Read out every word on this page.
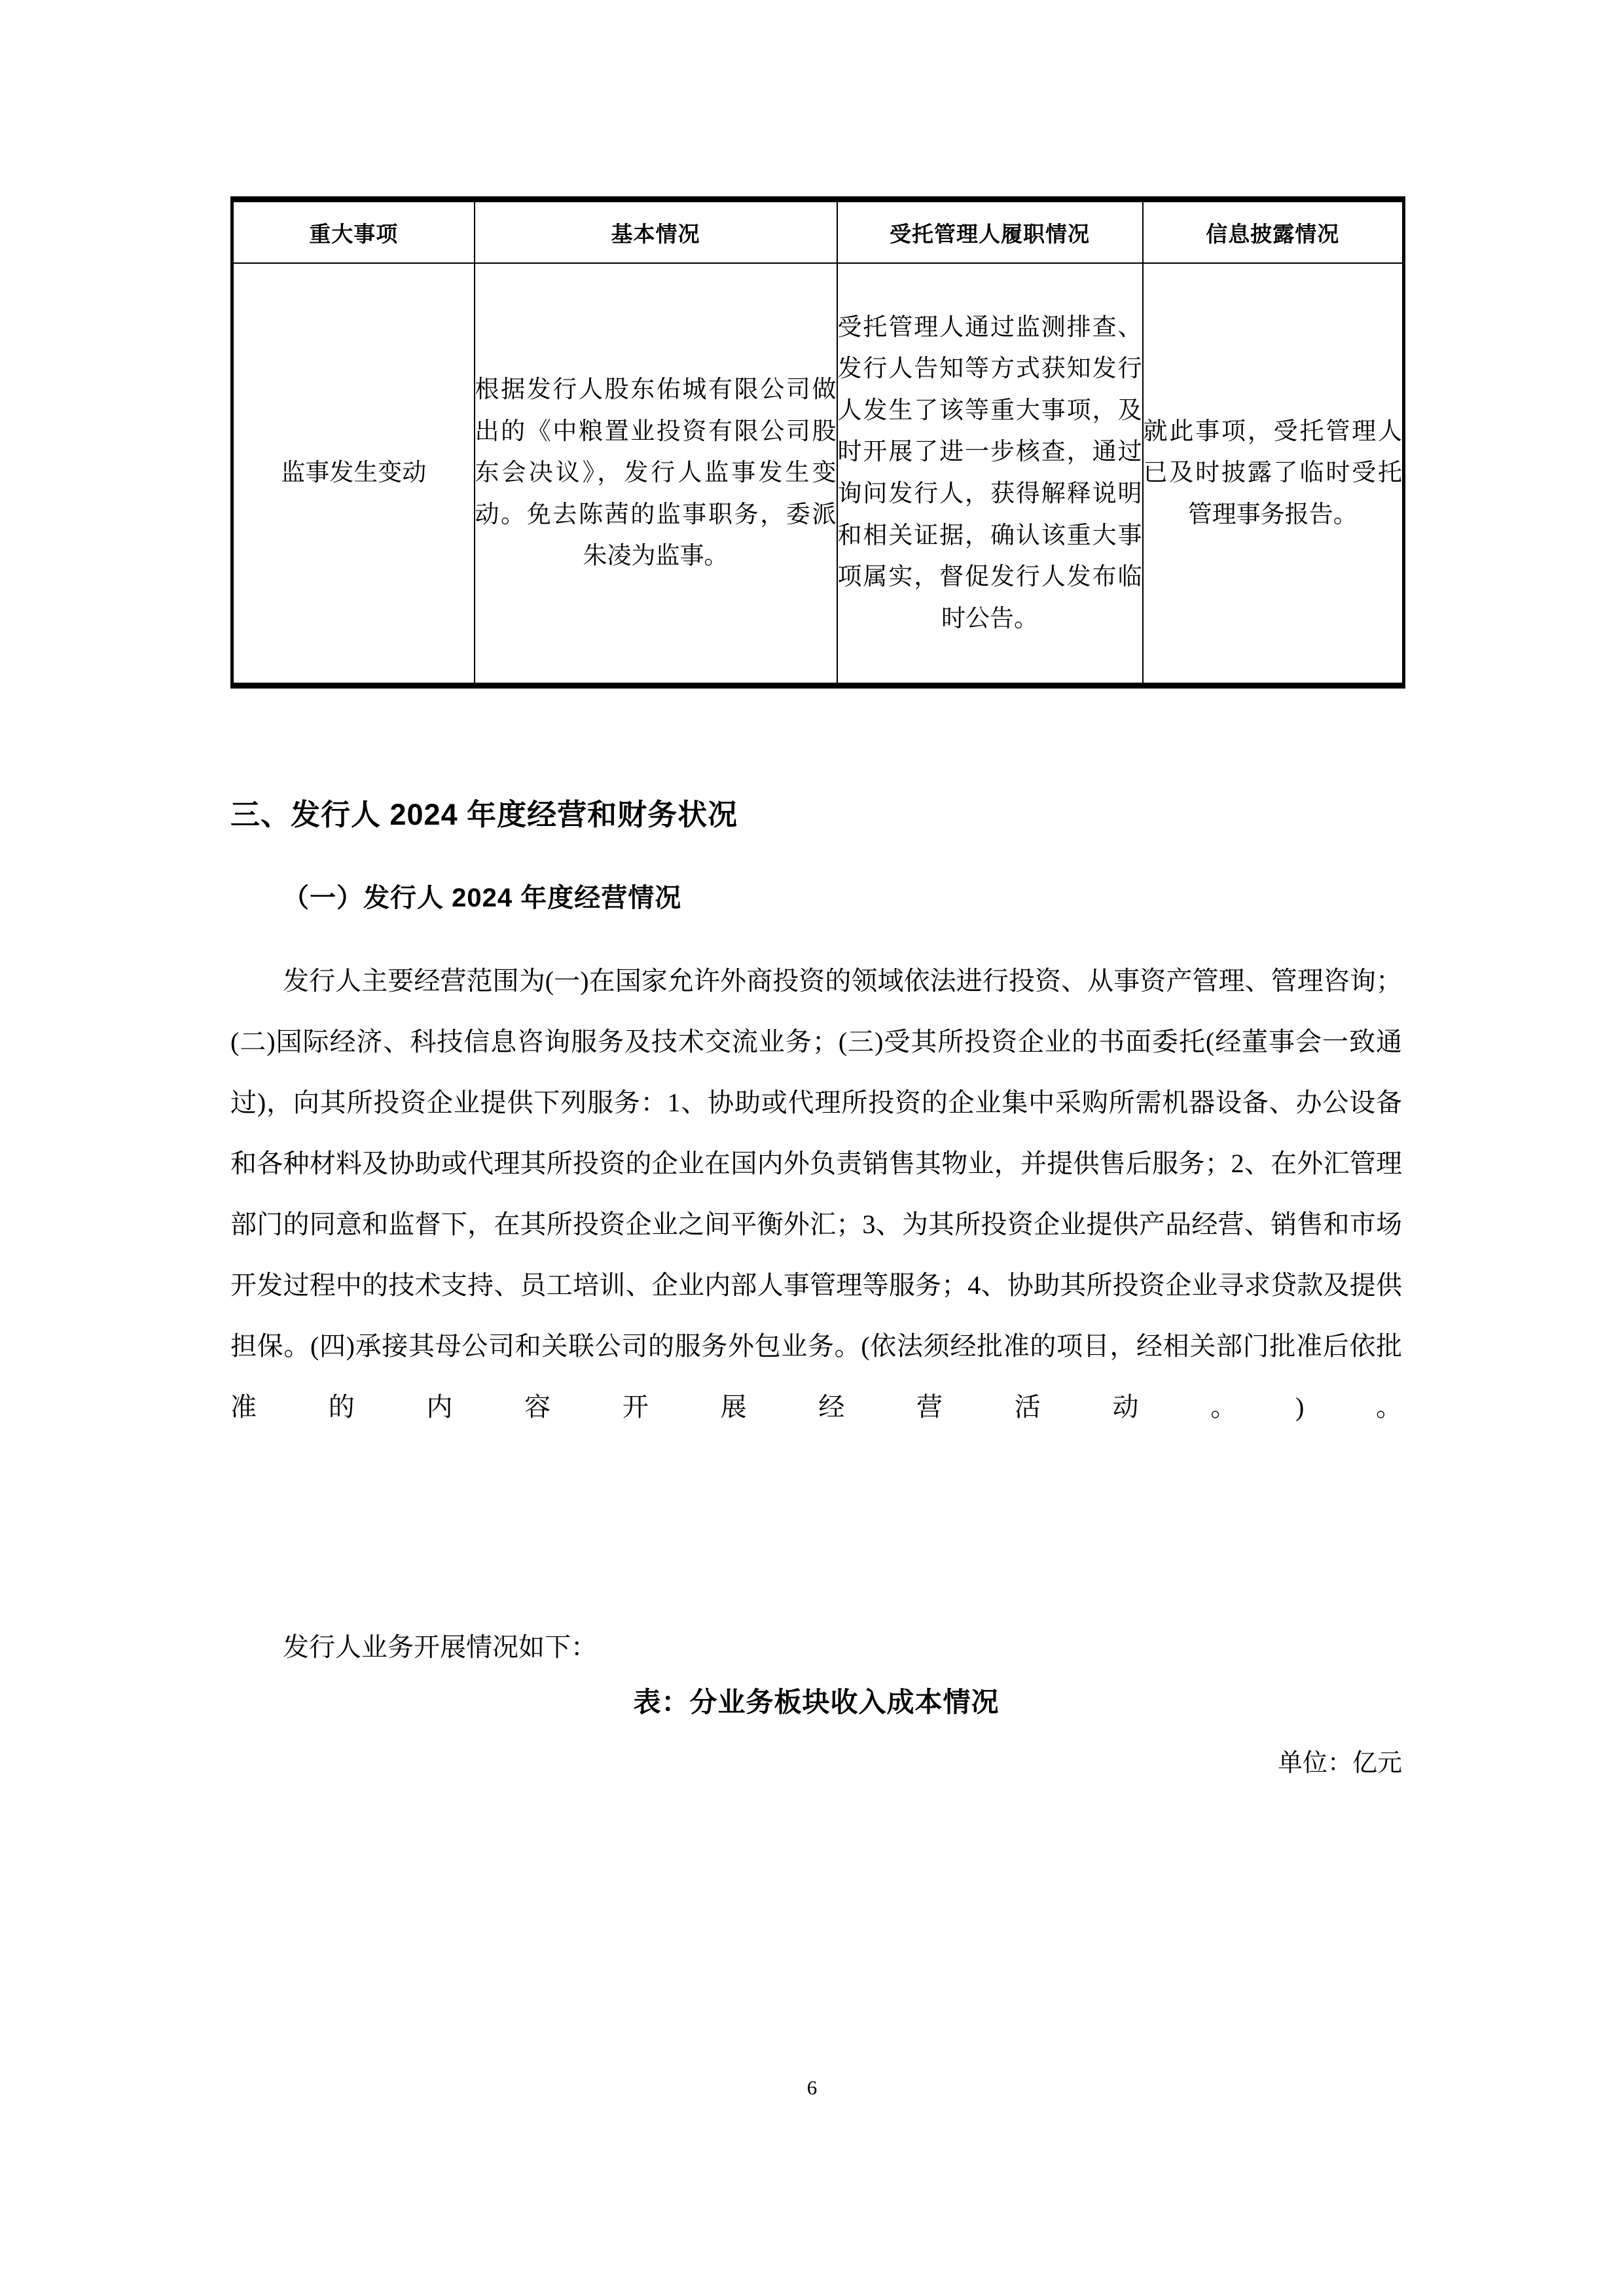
重大事项	基本情况	受托管理人履职情况	信息披露情况
监事发生变动	根据发行人股东佑城有限公司做出的《中粮置业投资有限公司股东会决议》，发行人监事发生变动。免去陈茜的监事职务，委派朱凌为监事。	受托管理人通过监测排查、发行人告知等方式获知发行人发生了该等重大事项，及时开展了进一步核查，通过询问发行人，获得解释说明和相关证据，确认该重大事项属实，督促发行人发布临时公告。	就此事项，受托管理人已及时披露了临时受托管理事务报告。
三、发行人 2024 年度经营和财务状况
（一）发行人 2024 年度经营情况

发行人主要经营范围为(一)在国家允许外商投资的领域依法进行投资、从事资产管理、管理咨询；(二)国际经济、科技信息咨询服务及技术交流业务；(三)受其所投资企业的书面委托(经董事会一致通过)，向其所投资企业提供下列服务：1、协助或代理所投资的企业集中采购所需机器设备、办公设备和各种材料及协助或代理其所投资的企业在国内外负责销售其物业，并提供售后服务；2、在外汇管理部门的同意和监督下，在其所投资企业之间平衡外汇；3、为其所投资企业提供产品经营、销售和市场开发过程中的技术支持、员工培训、企业内部人事管理等服务；4、协助其所投资企业寻求贷款及提供担保。(四)承接其母公司和关联公司的服务外包业务。(依法须经批准的项目，经相关部门批准后依批准的内容开展经营活动。)。

发行人业务开展情况如下：

表：分业务板块收入成本情况

单位：亿元

6
